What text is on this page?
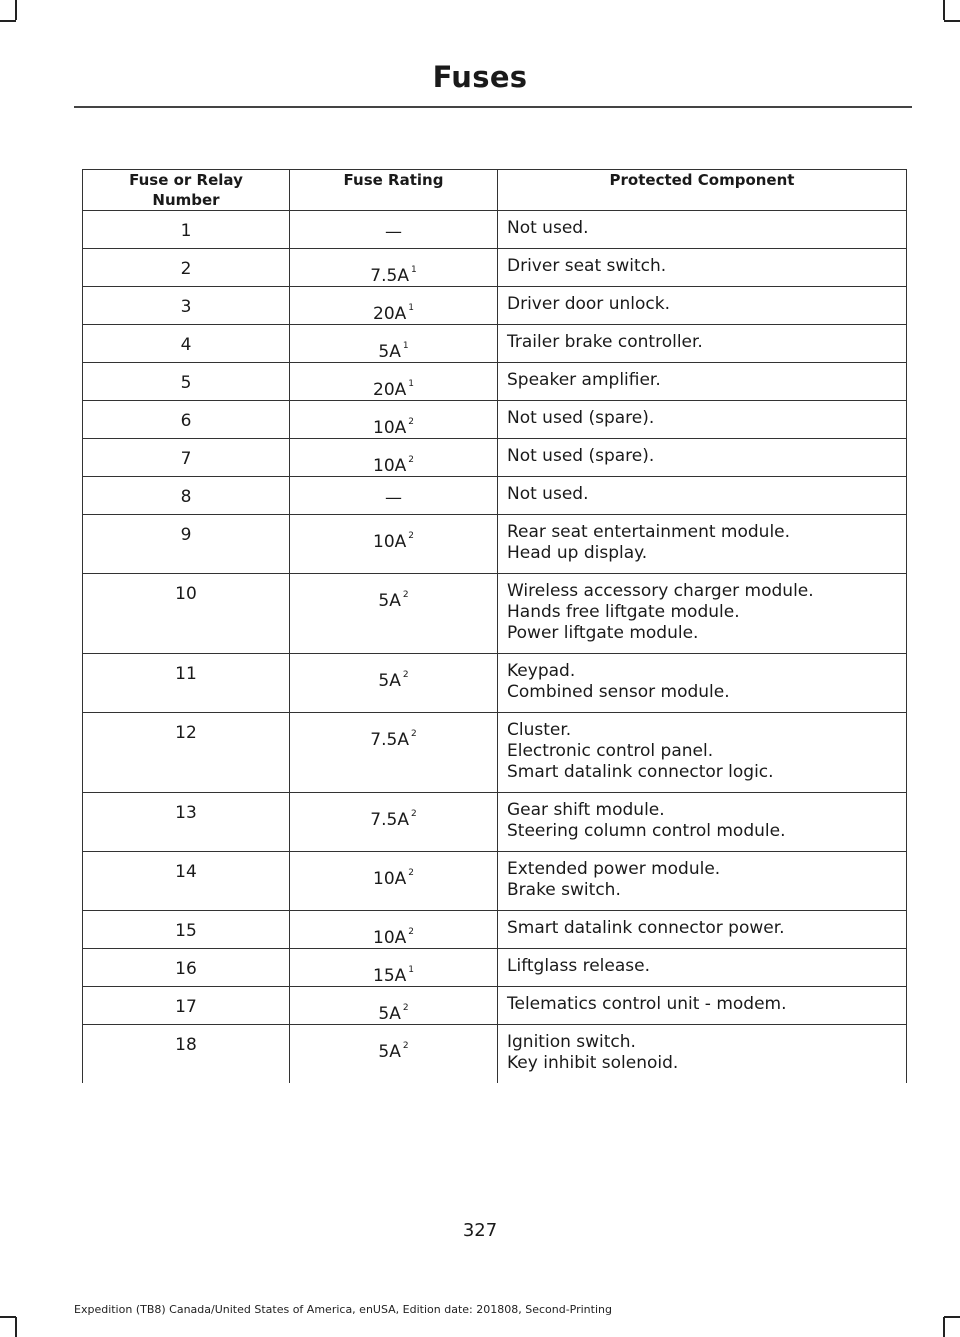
Fuses
Fuse or Relay Number	Fuse Rating	Protected Component
1	—	Not used.

2	7.5A $^1$	Driver seat switch.

3	20A $^1$	Driver door unlock.

4	5A $^1$	Trailer brake controller.

5	20A $^1$	Speaker amplifier.

6	10A $^2$	Not used (spare).

7	10A $^2$	Not used (spare).

8	—	Not used.

9	10A $^2$	Rear seat entertainment module.
Head up display.

10	5A $^2$	Wireless accessory charger module.
Hands free liftgate module.
Power liftgate module.

11	5A $^2$	Keypad.
Combined sensor module.

12	7.5A $^2$	Cluster.
Electronic control panel.
Smart datalink connector logic.

13	7.5A $^2$	Gear shift module.
Steering column control module.

14	10A $^2$	Extended power module.
Brake switch.

15	10A $^2$	Smart datalink connector power.

16	15A $^1$	Liftglass release.

17	5A $^2$	Telematics control unit - modem.

18	5A $^2$	Ignition switch.
Key inhibit solenoid.
327
Expedition (TB8) Canada/United States of America, enUSA, Edition date: 201808, Second-Printing
